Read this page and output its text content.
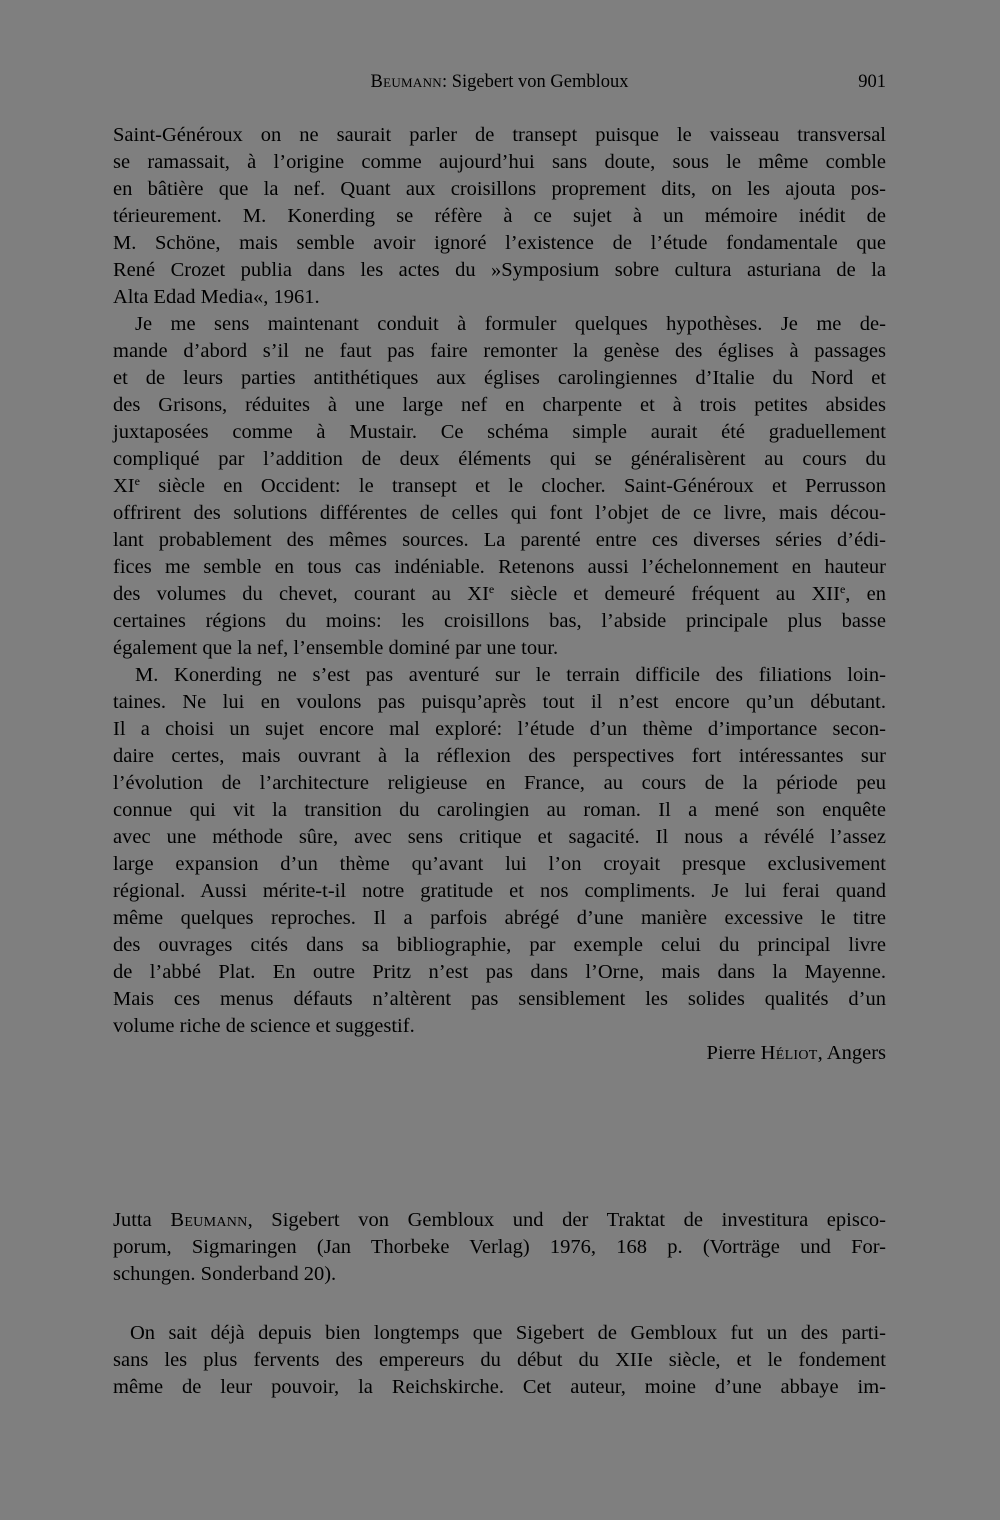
Beumann: Sigebert von Gembloux	901
Saint-Généroux on ne saurait parler de transept puisque le vaisseau transversal
se ramassait, à l’origine comme aujourd’hui sans doute, sous le même comble
en bâtière que la nef. Quant aux croisillons proprement dits, on les ajouta pos-
térieurement. M. Konerding se réfère à ce sujet à un mémoire inédit de
M. Schöne, mais semble avoir ignoré l’existence de l’étude fondamentale que
René Crozet publia dans les actes du »Symposium sobre cultura asturiana de la
Alta Edad Media«, 1961.
Je me sens maintenant conduit à formuler quelques hypothèses. Je me de-
mande d’abord s’il ne faut pas faire remonter la genèse des églises à passages
et de leurs parties antithétiques aux églises carolingiennes d’Italie du Nord et
des Grisons, réduites à une large nef en charpente et à trois petites absides
juxtaposées comme à Mustair. Ce schéma simple aurait été graduellement
compliqué par l’addition de deux éléments qui se généralisèrent au cours du
XIe siècle en Occident: le transept et le clocher. Saint-Généroux et Perrusson
offrirent des solutions différentes de celles qui font l’objet de ce livre, mais décou-
lant probablement des mêmes sources. La parenté entre ces diverses séries d’édi-
fices me semble en tous cas indéniable. Retenons aussi l’échelonnement en hauteur
des volumes du chevet, courant au XIe siècle et demeuré fréquent au XIIe, en
certaines régions du moins: les croisillons bas, l’abside principale plus basse
également que la nef, l’ensemble dominé par une tour.
M. Konerding ne s’est pas aventuré sur le terrain difficile des filiations loin-
taines. Ne lui en voulons pas puisqu’après tout il n’est encore qu’un débutant.
Il a choisi un sujet encore mal exploré: l’étude d’un thème d’importance secon-
daire certes, mais ouvrant à la réflexion des perspectives fort intéressantes sur
l’évolution de l’architecture religieuse en France, au cours de la période peu
connue qui vit la transition du carolingien au roman. Il a mené son enquête
avec une méthode sûre, avec sens critique et sagacité. Il nous a révélé l’assez
large expansion d’un thème qu’avant lui l’on croyait presque exclusivement
régional. Aussi mérite-t-il notre gratitude et nos compliments. Je lui ferai quand
même quelques reproches. Il a parfois abrégé d’une manière excessive le titre
des ouvrages cités dans sa bibliographie, par exemple celui du principal livre
de l’abbé Plat. En outre Pritz n’est pas dans l’Orne, mais dans la Mayenne.
Mais ces menus défauts n’altèrent pas sensiblement les solides qualités d’un
volume riche de science et suggestif.
Pierre Héliot, Angers
Jutta Beumann, Sigebert von Gembloux und der Traktat de investitura episco-
porum, Sigmaringen (Jan Thorbeke Verlag) 1976, 168 p. (Vorträge und For-
schungen. Sonderband 20).
On sait déjà depuis bien longtemps que Sigebert de Gembloux fut un des parti-
sans les plus fervents des empereurs du début du XIIe siècle, et le fondement
même de leur pouvoir, la Reichskirche. Cet auteur, moine d’une abbaye im-
